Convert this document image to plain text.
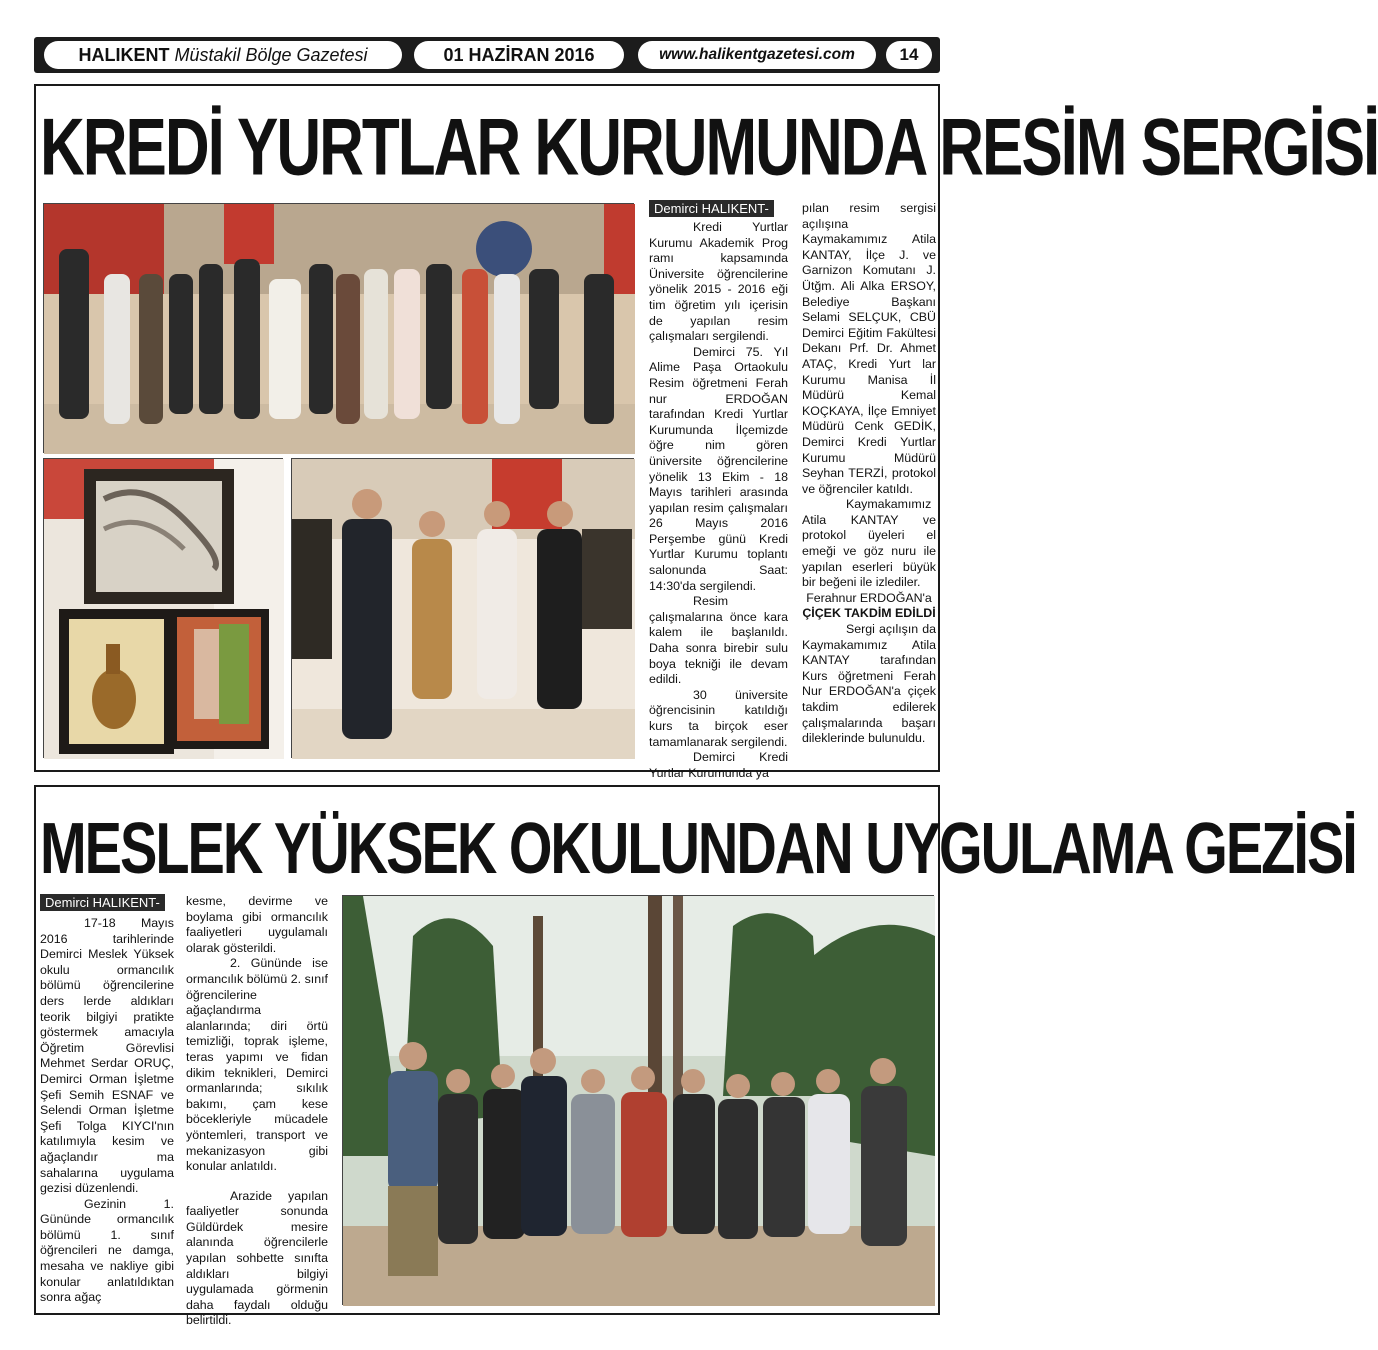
HALIKENT Müstakil Bölge Gazetesi	01 HAZİRAN 2016	www.halikentgazetesi.com	14
KREDİ YURTLAR KURUMUNDA RESİM SERGİSİ
Demirci HALIKENT-

Kredi Yurtlar Kurumu Akademik Prog ramı kapsamında Üniversite öğrencilerine yönelik 2015 - 2016 eği tim öğretim yılı içerisin de yapılan resim çalışmaları sergilendi.

Demirci 75. Yıl Alime Paşa Ortaokulu Resim öğretmeni Ferah nur ERDOĞAN tarafından Kredi Yurtlar Kurumunda İlçemizde öğre nim gören üniversite öğrencilerine yönelik 13 Ekim - 18 Mayıs tarihleri arasında yapılan resim çalışmaları 26 Mayıs 2016 Perşembe günü Kredi Yurtlar Kurumu toplantı salonunda Saat: 14:30'da sergilendi.

Resim çalışmalarına önce kara kalem ile başlanıldı. Daha sonra birebir sulu boya tekniği ile devam edildi.

30 üniversite öğrencisinin katıldığı kurs ta birçok eser tamamlanarak sergilendi.

Demirci Kredi Yurtlar Kurumunda ya

pılan resim sergisi açılışına Kaymakamımız Atila KANTAY, İlçe J. ve Garnizon Komutanı J. Ütğm. Ali Alka ERSOY, Belediye Başkanı Selami SELÇUK, CBÜ Demirci Eğitim Fakültesi Dekanı Prf. Dr. Ahmet ATAÇ, Kredi Yurt lar Kurumu Manisa İl Müdürü Kemal KOÇKAYA, İlçe Emniyet Müdürü Cenk GEDİK, Demirci Kredi Yurtlar Kurumu Müdürü Seyhan TERZİ, protokol ve öğrenciler katıldı.

Kaymakamımız Atila KANTAY ve protokol üyeleri el emeği ve göz nuru ile yapılan eserleri büyük bir beğeni ile izlediler.

Ferahnur ERDOĞAN'a

ÇİÇEK TAKDİM EDİLDİ

Sergi açılışın da Kaymakamımız Atila KANTAY tarafından Kurs öğretmeni Ferah Nur ERDOĞAN'a çiçek takdim edilerek çalışmalarında başarı dileklerinde bulunuldu.

MESLEK YÜKSEK OKULUNDAN UYGULAMA GEZİSİ
Demirci HALIKENT-

17-18 Mayıs 2016 tarihlerinde Demirci Meslek Yüksek okulu ormancılık bölümü öğrencilerine ders lerde aldıkları teorik bilgiyi pratikte göstermek amacıyla Öğretim Görevlisi Mehmet Serdar ORUÇ, Demirci Orman İşletme Şefi Semih ESNAF ve Selendi Orman İşletme Şefi Tolga KIYCI'nın katılımıyla kesim ve ağaçlandır ma sahalarına uygulama gezisi düzenlendi.

Gezinin 1. Gününde ormancılık bölümü 1. sınıf öğrencileri ne damga, mesaha ve nakliye gibi konular anlatıldıktan sonra ağaç

kesme, devirme ve boylama gibi ormancılık faaliyetleri uygulamalı olarak gösterildi.

2. Gününde ise ormancılık bölümü 2. sınıf öğrencilerine ağaçlandırma alanlarında; diri örtü temizliği, toprak işleme, teras yapımı ve fidan dikim teknikleri, Demirci ormanlarında; sıkılık bakımı, çam kese böcekleriyle mücadele yöntemleri, transport ve mekanizasyon gibi konular anlatıldı.

Arazide yapılan faaliyetler sonunda Güldürdek mesire alanında öğrencilerle yapılan sohbette sınıfta aldıkları bilgiyi uygulamada görmenin daha faydalı olduğu belirtildi.
